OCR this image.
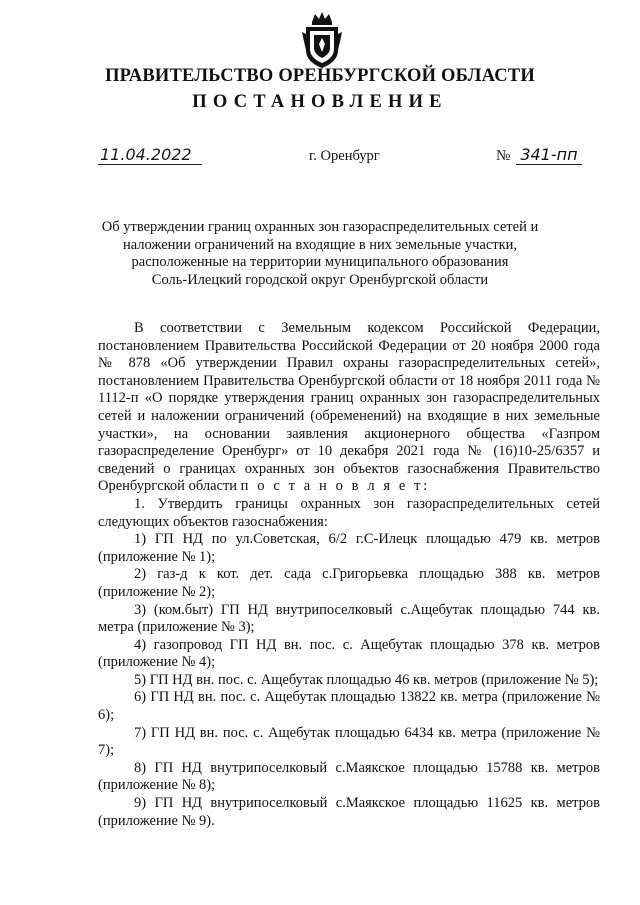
ПРАВИТЕЛЬСТВО ОРЕНБУРГСКОЙ ОБЛАСТИ
ПОСТАНОВЛЕНИЕ
11.04.2022	г. Оренбург	№ 341-пп
Об утверждении границ охранных зон газораспределительных сетей и
наложении ограничений на входящие в них земельные участки,
расположенные на территории муниципального образования
Соль-Илецкий городской округ Оренбургской области

В соответствии с Земельным кодексом Российской Федерации, постановлением Правительства Российской Федерации от 20 ноября 2000 года № 878 «Об утверждении Правил охраны газораспределительных сетей», постановлением Правительства Оренбургской области от 18 ноября 2011 года № 1112-п «О порядке утверждения границ охранных зон газораспределительных сетей и наложении ограничений (обременений) на входящие в них земельные участки», на основании заявления акционерного общества «Газпром газораспределение Оренбург» от 10 декабря 2021 года № (16)10-25/6357 и сведений о границах охранных зон объектов газоснабжения Правительство Оренбургской области п о с т а н о в л я е т:

1. Утвердить границы охранных зон газораспределительных сетей следующих объектов газоснабжения:

1) ГП НД по ул.Советская, 6/2 г.С-Илецк площадью 479 кв. метров (приложение № 1);

2) газ-д к кот. дет. сада с.Григорьевка площадью 388 кв. метров (приложение № 2);

3) (ком.быт) ГП НД внутрипоселковый с.Ащебутак площадью 744 кв. метра (приложение № 3);

4) газопровод ГП НД вн. пос. с. Ащебутак площадью 378 кв. метров (приложение № 4);

5) ГП НД вн. пос. с. Ащебутак площадью 46 кв. метров (приложение № 5);

6) ГП НД вн. пос. с. Ащебутак площадью 13822 кв. метра (приложение № 6);

7) ГП НД вн. пос. с. Ащебутак площадью 6434 кв. метра (приложение № 7);

8) ГП НД внутрипоселковый с.Маякское площадью 15788 кв. метров (приложение № 8);

9) ГП НД внутрипоселковый с.Маякское площадью 11625 кв. метров (приложение № 9).
